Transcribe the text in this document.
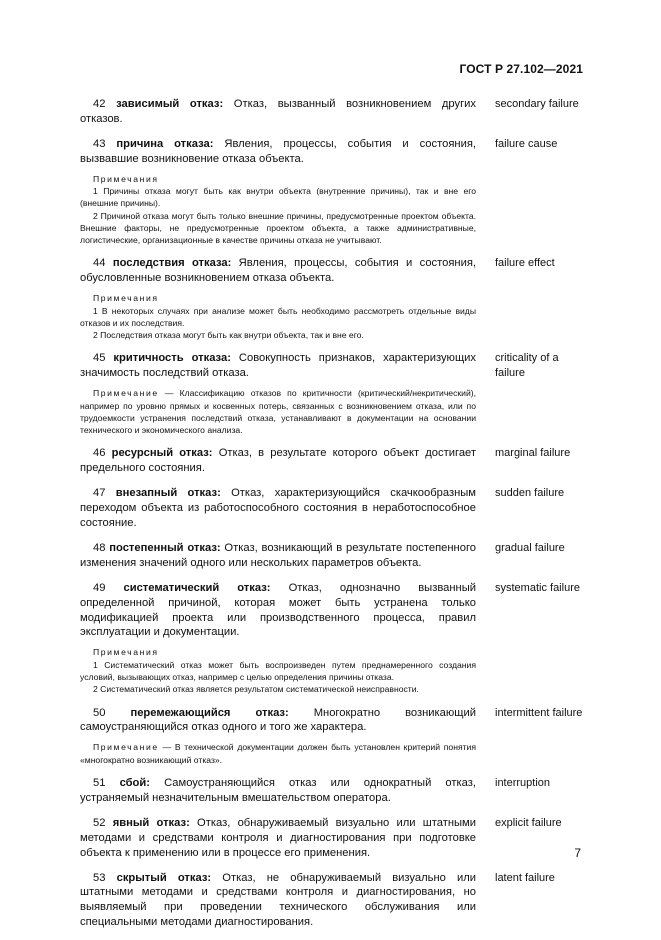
ГОСТ Р 27.102—2021

42 зависимый отказ: Отказ, вызванный возникновением других отказов.

secondary failure

43 причина отказа: Явления, процессы, события и состояния, вызвавшие возникновение отказа объекта.

Примечания
1 Причины отказа могут быть как внутри объекта (внутренние причины), так и вне его (внешние причины).
2 Причиной отказа могут быть только внешние причины, предусмотренные проектом объекта. Внешние факторы, не предусмотренные проектом объекта, а также административные, логистические, организационные в качестве причины отказа не учитывают.
failure cause

44 последствия отказа: Явления, процессы, события и состояния, обусловленные возникновением отказа объекта.

Примечания
1 В некоторых случаях при анализе может быть необходимо рассмотреть отдельные виды отказов и их последствия.
2 Последствия отказа могут быть как внутри объекта, так и вне его.
failure effect

45 критичность отказа: Совокупность признаков, характеризующих значимость последствий отказа.

Примечание — Классификацию отказов по критичности (критический/некритический), например по уровню прямых и косвенных потерь, связанных с возникновением отказа, или по трудоемкости устранения последствий отказа, устанавливают в документации на основании технического и экономического анализа.
criticality of a failure

46 ресурсный отказ: Отказ, в результате которого объект достигает предельного состояния.

marginal failure

47 внезапный отказ: Отказ, характеризующийся скачкообразным переходом объекта из работоспособного состояния в неработоспособное состояние.

sudden failure

48 постепенный отказ: Отказ, возникающий в результате постепенного изменения значений одного или нескольких параметров объекта.

gradual failure

49 систематический отказ: Отказ, однозначно вызванный определенной причиной, которая может быть устранена только модификацией проекта или производственного процесса, правил эксплуатации и документации.

Примечания
1 Систематический отказ может быть воспроизведен путем преднамеренного создания условий, вызывающих отказ, например с целью определения причины отказа.
2 Систематический отказ является результатом систематической неисправности.
systematic failure

50 перемежающийся отказ: Многократно возникающий самоустраняющийся отказ одного и того же характера.

Примечание — В технической документации должен быть установлен критерий понятия «многократно возникающий отказ».
intermittent failure

51 сбой: Самоустраняющийся отказ или однократный отказ, устраняемый незначительным вмешательством оператора.

interruption

52 явный отказ: Отказ, обнаруживаемый визуально или штатными методами и средствами контроля и диагностирования при подготовке объекта к применению или в процессе его применения.

explicit failure

53 скрытый отказ: Отказ, не обнаруживаемый визуально или штатными методами и средствами контроля и диагностирования, но выявляемый при проведении технического обслуживания или специальными методами диагностирования.

latent failure
7
